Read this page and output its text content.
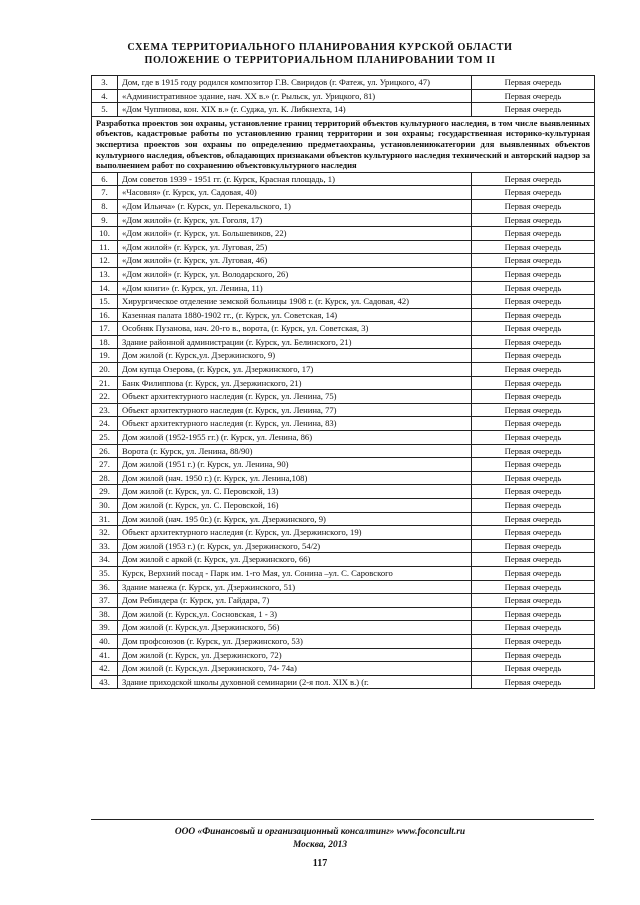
СХЕМА ТЕРРИТОРИАЛЬНОГО ПЛАНИРОВАНИЯ КУРСКОЙ ОБЛАСТИ
ПОЛОЖЕНИЕ О ТЕРРИТОРИАЛЬНОМ ПЛАНИРОВАНИИ ТОМ II
3.	Дом, где в 1915 году родился композитор Г.В. Свиридов (г. Фатеж, ул. Урицкого, 47)	Первая очередь
4.	«Административное здание, нач. XX в.» (г. Рыльск, ул. Урицкого, 81)	Первая очередь
5.	«Дом Чуппиова, кон. XIX в.» (г. Суджа, ул. К. Либкнехта, 14)	Первая очередь
Разработка проектов зон охраны, установление границ территорий объектов культурного наследия, в том числе выявленных объектов, кадастровые работы по установлению границ территории и зон охраны; государственная историко-культурная экспертиза проектов зон охраны по определению предметаохраны, установлениюкатегории для выявленных объектов культурного наследия, объектов, обладающих признаками объектов культурного наследия технический и авторский надзор за выполнением работ по сохранению объектовкультурного наследия		
6.	Дом советов 1939 - 1951 гг. (г. Курск, Красная площадь, 1)	Первая очередь
7.	«Часовня» (г. Курск, ул. Садовая, 40)	Первая очередь
8.	«Дом Ильича» (г. Курск, ул. Перекальского, 1)	Первая очередь
9.	«Дом жилой» (г. Курск, ул. Гоголя, 17)	Первая очередь
10.	«Дом жилой» (г. Курск, ул. Большевиков, 22)	Первая очередь
11.	«Дом жилой» (г. Курск, ул. Луговая, 25)	Первая очередь
12.	«Дом жилой» (г. Курск, ул. Луговая, 46)	Первая очередь
13.	«Дом жилой» (г. Курск, ул. Володарского, 26)	Первая очередь
14.	«Дом книги» (г. Курск, ул. Ленина, 11)	Первая очередь
15.	Хирургическое отделение земской больницы 1908 г. (г. Курск, ул. Садовая, 42)	Первая очередь
16.	Казенная палата 1880-1902 гг., (г. Курск, ул. Советская, 14)	Первая очередь
17.	Особняк Пузанова, нач. 20-го в., ворота, (г. Курск, ул. Советская, 3)	Первая очередь
18.	Здание районной администрации (г. Курск, ул. Белинского, 21)	Первая очередь
19.	Дом жилой (г. Курск,ул. Дзержинского, 9)	Первая очередь
20.	Дом купца Озерова, (г. Курск, ул. Дзержинского, 17)	Первая очередь
21.	Банк Филиппова (г. Курск, ул. Дзержинского, 21)	Первая очередь
22.	Объект архитектурного наследия (г. Курск, ул. Ленина, 75)	Первая очередь
23.	Объект архитектурного наследия (г. Курск, ул. Ленина, 77)	Первая очередь
24.	Объект архитектурного наследия (г. Курск, ул. Ленина, 83)	Первая очередь
25.	Дом жилой (1952-1955 гг.) (г. Курск, ул. Ленина, 86)	Первая очередь
26.	Ворота (г. Курск, ул. Ленина, 88/90)	Первая очередь
27.	Дом жилой (1951 г.) (г. Курск, ул. Ленина, 90)	Первая очередь
28.	Дом жилой (нач. 1950 г.) (г. Курск, ул. Ленина,108)	Первая очередь
29.	Дом жилой (г. Курск, ул. С. Перовской, 13)	Первая очередь
30.	Дом жилой (г. Курск, ул. С. Перовской, 16)	Первая очередь
31.	Дом жилой (нач. 195 0г.) (г. Курск, ул. Дзержинского, 9)	Первая очередь
32.	Объект архитектурного наследия (г. Курск, ул. Дзержинского, 19)	Первая очередь
33.	Дом жилой (1953 г.) (г. Курск, ул. Дзержинского, 54/2)	Первая очередь
34.	Дом жилой с аркой (г. Курск, ул. Дзержинского, 66)	Первая очередь
35.	Курск, Верхний посад - Парк им. 1-го Мая, ул. Сонина –ул. С. Саровского	Первая очередь
36.	Здание манежа (г. Курск, ул. Дзержинского, 51)	Первая очередь
37.	Дом Ребиндера (г. Курск, ул. Гайдара, 7)	Первая очередь
38.	Дом жилой (г. Курск,ул. Сосновская, 1 - 3)	Первая очередь
39.	Дом жилой (г. Курск,ул. Дзержинского, 56)	Первая очередь
40.	Дом профсоюзов (г. Курск, ул. Дзержинского, 53)	Первая очередь
41.	Дом жилой (г. Курск, ул. Дзержинского, 72)	Первая очередь
42.	Дом жилой (г. Курск,ул. Дзержинского, 74- 74а)	Первая очередь
43.	Здание приходской школы духовной семинарии (2-я пол. XIX в.) (г.	Первая очередь
ООО «Финансовый и организационный консалтинг» www.foconcult.ru
Москва, 2013
117
